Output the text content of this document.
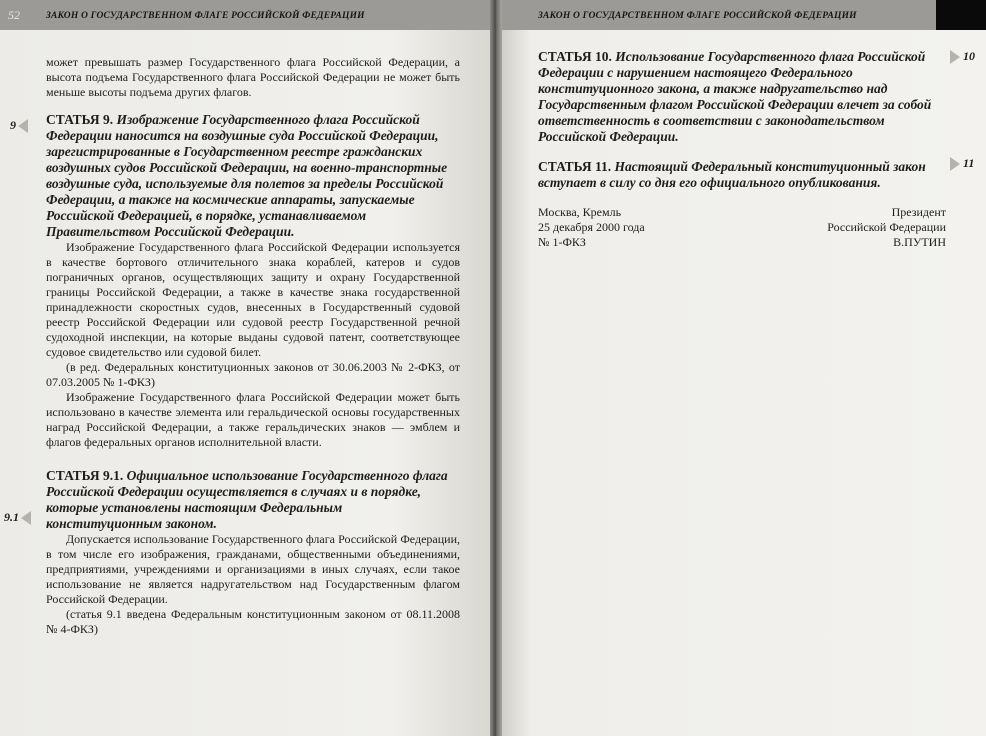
52	ЗАКОН О ГОСУДАРСТВЕННОМ ФЛАГЕ РОССИЙСКОЙ ФЕДЕРАЦИИ
9
9.1

может превышать размер Государственного флага Российской Федерации, а высота подъема Государственного флага Российской Федерации не может быть меньше высоты подъема других флагов.

СТАТЬЯ 9. Изображение Государственного флага Российской Федерации наносится на воздушные суда Российской Федерации, зарегистрированные в Государственном реестре гражданских воздушных судов Российской Федерации, на военно-транспортные воздушные суда, используемые для полетов за пределы Российской Федерации, а также на космические аппараты, запускаемые Российской Федерацией, в порядке, устанавливаемом Правительством Российской Федерации.

Изображение Государственного флага Российской Федерации используется в качестве бортового отличительного знака кораблей, катеров и судов пограничных органов, осуществляющих защиту и охрану Государственной границы Российской Федерации, а также в качестве знака государственной принадлежности скоростных судов, внесенных в Государственный судовой реестр Российской Федерации или судовой реестр Государственной речной судоходной инспекции, на которые выданы судовой патент, соответствующее судовое свидетельство или судовой билет.

(в ред. Федеральных конституционных законов от 30.06.2003 № 2-ФКЗ, от 07.03.2005 № 1-ФКЗ)

Изображение Государственного флага Российской Федерации может быть использовано в качестве элемента или геральдической основы государственных наград Российской Федерации, а также геральдических знаков — эмблем и флагов федеральных органов исполнительной власти.

СТАТЬЯ 9.1. Официальное использование Государственного флага Российской Федерации осуществляется в случаях и в порядке, которые установлены настоящим Федеральным конституционным законом.

Допускается использование Государственного флага Российской Федерации, в том числе его изображения, гражданами, общественными объединениями, предприятиями, учреждениями и организациями в иных случаях, если такое использование не является надругательством над Государственным флагом Российской Федерации.

(статья 9.1 введена Федеральным конституционным законом от 08.11.2008 № 4-ФКЗ)

ЗАКОН О ГОСУДАРСТВЕННОМ ФЛАГЕ РОССИЙСКОЙ ФЕДЕРАЦИИ
10
11

СТАТЬЯ 10. Использование Государственного флага Российской Федерации с нарушением настоящего Федерального конституционного закона, а также надругательство над Государственным флагом Российской Федерации влечет за собой ответственность в соответствии с законодательством Российской Федерации.

СТАТЬЯ 11. Настоящий Федеральный конституционный закон вступает в силу со дня его официального опубликования.

Москва, Кремль
25 декабря 2000 года
№ 1-ФКЗ
Президент
Российской Федерации
В.ПУТИН
